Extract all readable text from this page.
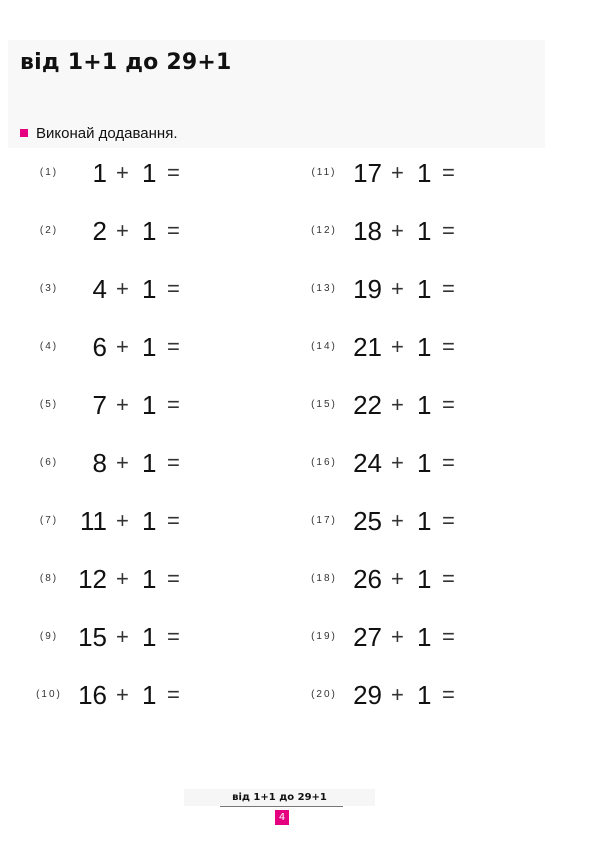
від 1+1 до 29+1
Виконай додавання.
(1)	1 + 1 =
(2)	2 + 1 =
(3)	4 + 1 =
(4)	6 + 1 =
(5)	7 + 1 =
(6)	8 + 1 =
(7) 11 + 1 =
(8) 12 + 1 =
(9) 15 + 1 =
(10) 16 + 1 =
(11) 17 + 1 =
(12) 18 + 1 =
(13) 19 + 1 =
(14) 21 + 1 =
(15) 22 + 1 =
(16) 24 + 1 =
(17) 25 + 1 =
(18) 26 + 1 =
(19) 27 + 1 =
(20) 29 + 1 =
від 1+1 до 29+1
4
